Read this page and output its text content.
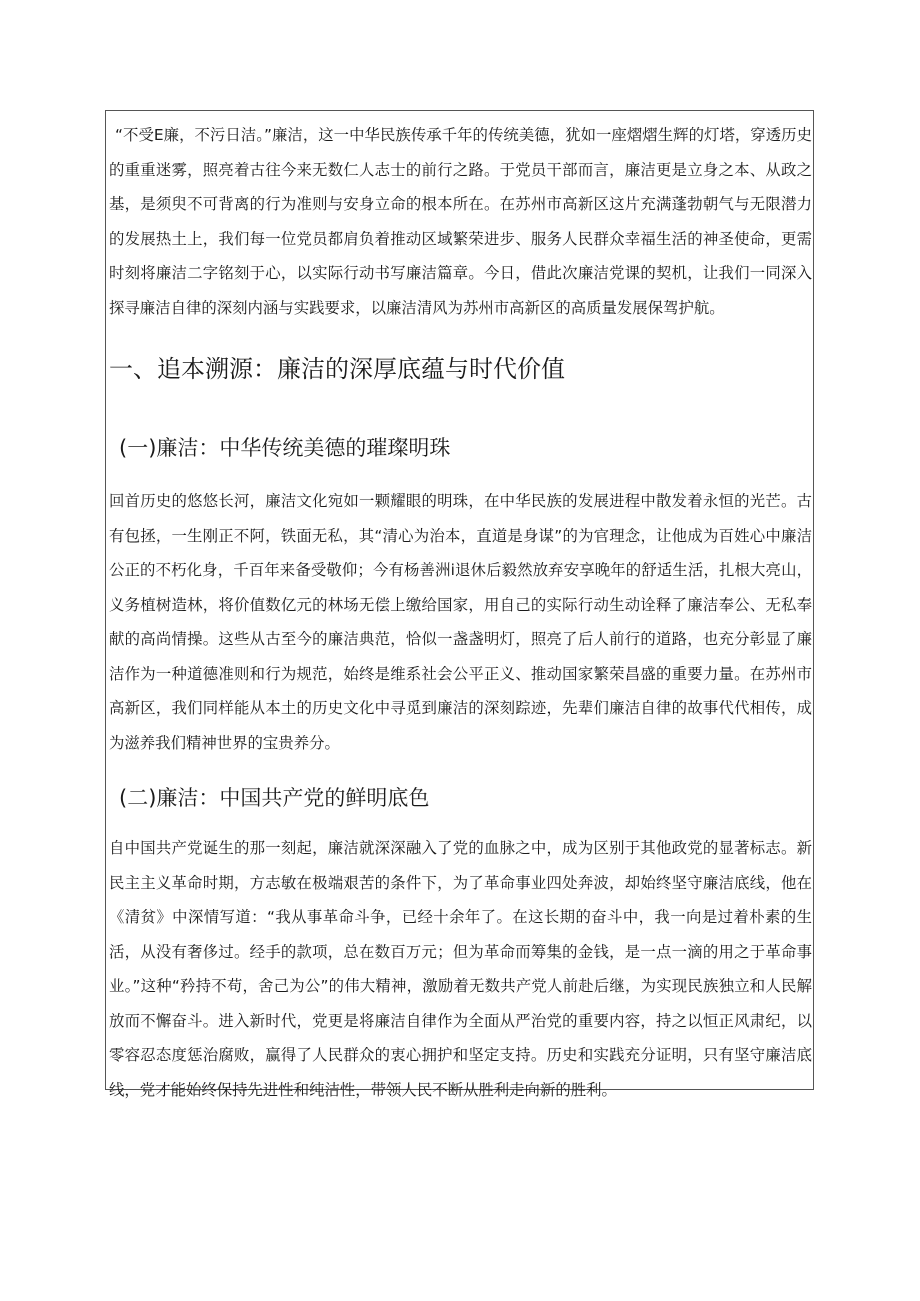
“不受E廉，不污日洁。”廉洁，这一中华民族传承千年的传统美德，犹如一座熠熠生辉的灯塔，穿透历史的重重迷雾，照亮着古往今来无数仁人志士的前行之路。于党员干部而言，廉洁更是立身之本、从政之基，是须臾不可背离的行为准则与安身立命的根本所在。在苏州市高新区这片充满蓬勃朝气与无限潜力的发展热土上，我们每一位党员都肩负着推动区域繁荣进步、服务人民群众幸福生活的神圣使命，更需时刻将廉洁二字铭刻于心，以实际行动书写廉洁篇章。今日，借此次廉洁党课的契机，让我们一同深入探寻廉洁自律的深刻内涵与实践要求，以廉洁清风为苏州市高新区的高质量发展保驾护航。

一、追本溯源：廉洁的深厚底蕴与时代价值
(一)廉洁：中华传统美德的璀璨明珠

回首历史的悠悠长河，廉洁文化宛如一颗耀眼的明珠，在中华民族的发展进程中散发着永恒的光芒。古有包拯，一生刚正不阿，铁面无私，其“清心为治本，直道是身谋”的为官理念，让他成为百姓心中廉洁公正的不朽化身，千百年来备受敬仰；今有杨善洲i退休后毅然放弃安享晚年的舒适生活，扎根大亮山，义务植树造林，将价值数亿元的林场无偿上缴给国家，用自己的实际行动生动诠释了廉洁奉公、无私奉献的高尚情操。这些从古至今的廉洁典范，恰似一盏盏明灯，照亮了后人前行的道路，也充分彰显了廉洁作为一种道德准则和行为规范，始终是维系社会公平正义、推动国家繁荣昌盛的重要力量。在苏州市高新区，我们同样能从本土的历史文化中寻觅到廉洁的深刻踪迹，先辈们廉洁自律的故事代代相传，成为滋养我们精神世界的宝贵养分。

(二)廉洁：中国共产党的鲜明底色

自中国共产党诞生的那一刻起，廉洁就深深融入了党的血脉之中，成为区别于其他政党的显著标志。新民主主义革命时期，方志敏在极端艰苦的条件下，为了革命事业四处奔波，却始终坚守廉洁底线，他在《清贫》中深情写道：“我从事革命斗争，已经十余年了。在这长期的奋斗中，我一向是过着朴素的生活，从没有奢侈过。经手的款项，总在数百万元；但为革命而筹集的金钱，是一点一滴的用之于革命事业。”这种“矜持不苟，舍己为公”的伟大精神，激励着无数共产党人前赴后继，为实现民族独立和人民解放而不懈奋斗。进入新时代，党更是将廉洁自律作为全面从严治党的重要内容，持之以恒正风肃纪，以零容忍态度惩治腐败，赢得了人民群众的衷心拥护和坚定支持。历史和实践充分证明，只有坚守廉洁底线，党才能始终保持先进性和纯洁性，带领人民不断从胜利走向新的胜利。
